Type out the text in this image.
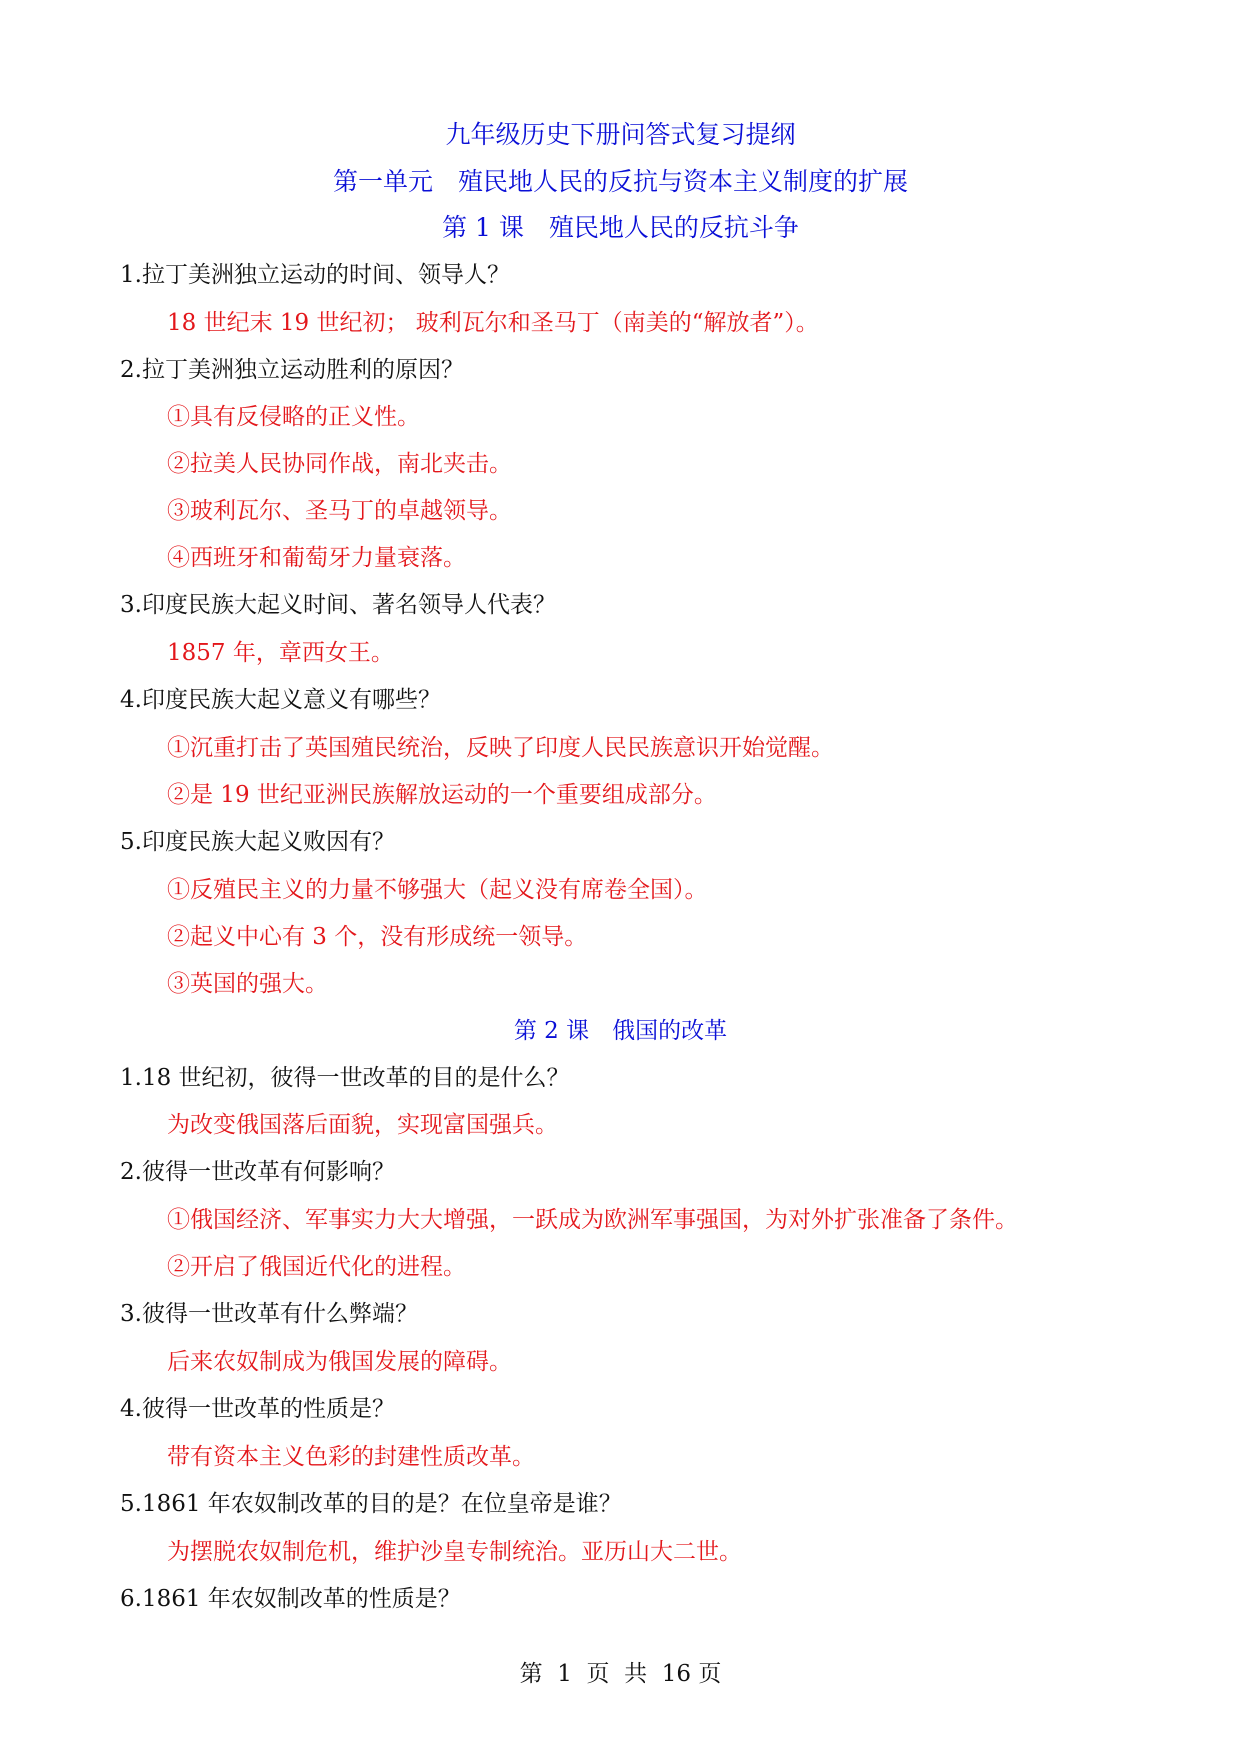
九年级历史下册问答式复习提纲
第一单元　殖民地人民的反抗与资本主义制度的扩展
第 1 课　殖民地人民的反抗斗争
1.拉丁美洲独立运动的时间、领导人？
18 世纪末 19 世纪初； 玻利瓦尔和圣马丁（南美的“解放者”）。
2.拉丁美洲独立运动胜利的原因？
①具有反侵略的正义性。
②拉美人民协同作战，南北夹击。
③玻利瓦尔、圣马丁的卓越领导。
④西班牙和葡萄牙力量衰落。
3.印度民族大起义时间、著名领导人代表？
1857 年，章西女王。
4.印度民族大起义意义有哪些？
①沉重打击了英国殖民统治，反映了印度人民民族意识开始觉醒。
②是 19 世纪亚洲民族解放运动的一个重要组成部分。
5.印度民族大起义败因有？
①反殖民主义的力量不够强大（起义没有席卷全国）。
②起义中心有 3 个，没有形成统一领导。
③英国的强大。
第 2 课　俄国的改革
1.18 世纪初，彼得一世改革的目的是什么？
为改变俄国落后面貌，实现富国强兵。
2.彼得一世改革有何影响？
①俄国经济、军事实力大大增强，一跃成为欧洲军事强国，为对外扩张准备了条件。
②开启了俄国近代化的进程。
3.彼得一世改革有什么弊端？
后来农奴制成为俄国发展的障碍。
4.彼得一世改革的性质是？
带有资本主义色彩的封建性质改革。
5.1861 年农奴制改革的目的是？在位皇帝是谁？
为摆脱农奴制危机，维护沙皇专制统治。亚历山大二世。
6.1861 年农奴制改革的性质是？
第  1  页  共  16 页
